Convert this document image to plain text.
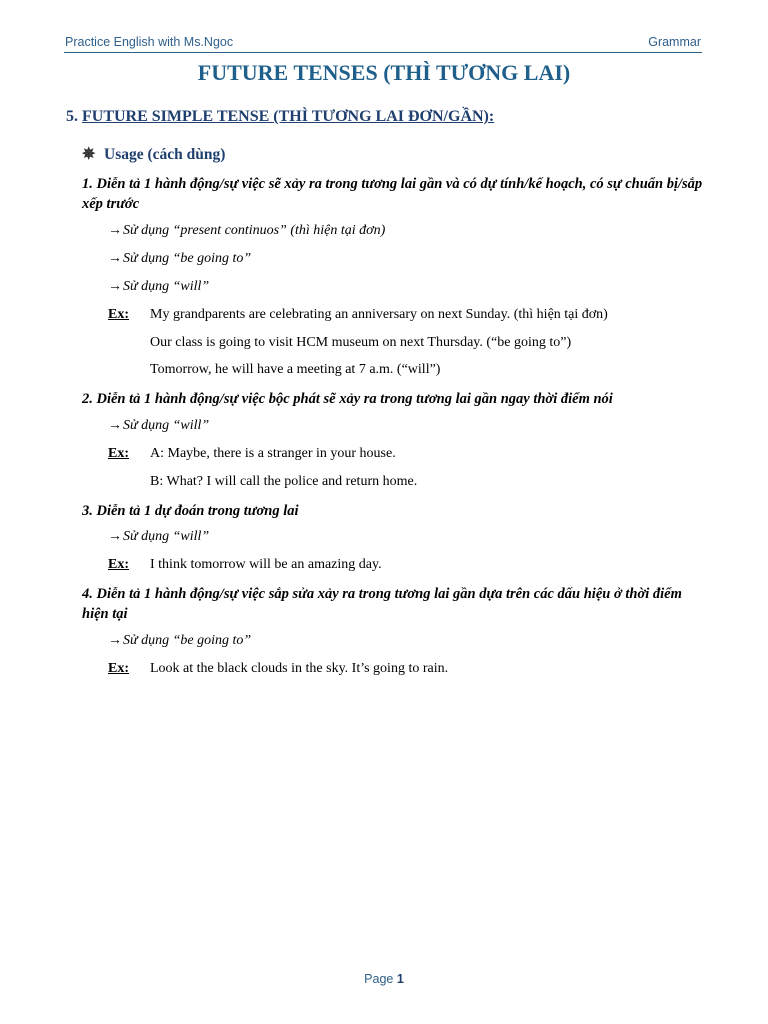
Practice English with Ms.Ngoc	Grammar
FUTURE TENSES (THÌ TƯƠNG LAI)
5. FUTURE SIMPLE TENSE (THÌ TƯƠNG LAI ĐƠN/GẦN):
✵ Usage (cách dùng)
1. Diễn tả 1 hành động/sự việc sẽ xảy ra trong tương lai gần và có dự tính/kế hoạch, có sự chuẩn bị/sắp xếp trước
→Sử dụng “present continuos” (thì hiện tại đơn)
→Sử dụng “be going to”
→Sử dụng “will”
Ex: My grandparents are celebrating an anniversary on next Sunday. (thì hiện tại đơn)
Our class is going to visit HCM museum on next Thursday. (“be going to”)
Tomorrow, he will have a meeting at 7 a.m. (“will”)
2. Diễn tả 1 hành động/sự việc bộc phát sẽ xảy ra trong tương lai gần ngay thời điểm nói
→Sử dụng “will”
Ex: A: Maybe, there is a stranger in your house.
B: What? I will call the police and return home.
3. Diễn tả 1 dự đoán trong tương lai
→Sử dụng “will”
Ex: I think tomorrow will be an amazing day.
4. Diễn tả 1 hành động/sự việc sắp sửa xảy ra trong tương lai gần dựa trên các dấu hiệu ở thời điểm hiện tại
→Sử dụng “be going to”
Ex: Look at the black clouds in the sky. It’s going to rain.
Page 1
